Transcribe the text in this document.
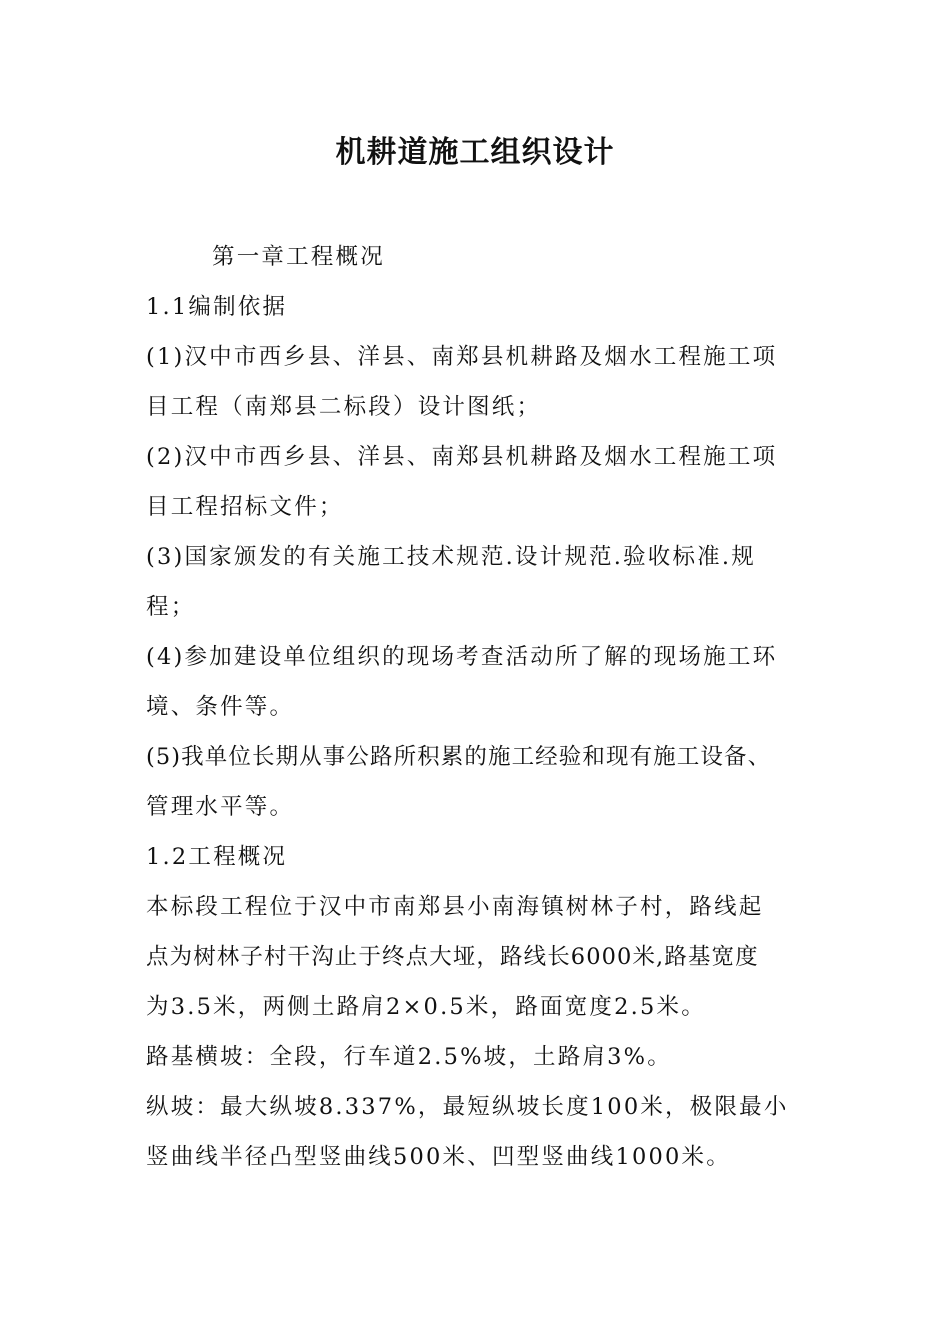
机耕道施工组织设计
第一章工程概况
1.1编制依据
(1)汉中市西乡县、洋县、南郑县机耕路及烟水工程施工项
目工程（南郑县二标段）设计图纸；
(2)汉中市西乡县、洋县、南郑县机耕路及烟水工程施工项
目工程招标文件；
(3)国家颁发的有关施工技术规范.设计规范.验收标准.规
程；
(4)参加建设单位组织的现场考查活动所了解的现场施工环
境、条件等。
(5)我单位长期从事公路所积累的施工经验和现有施工设备、
管理水平等。
1.2工程概况
本标段工程位于汉中市南郑县小南海镇树林子村，路线起
点为树林子村干沟止于终点大垭，路线长6000米,路基宽度
为3.5米，两侧土路肩2×0.5米，路面宽度2.5米。
路基横坡：全段，行车道2.5%坡，土路肩3%。
纵坡：最大纵坡8.337%，最短纵坡长度100米，极限最小
竖曲线半径凸型竖曲线500米、凹型竖曲线1000米。
